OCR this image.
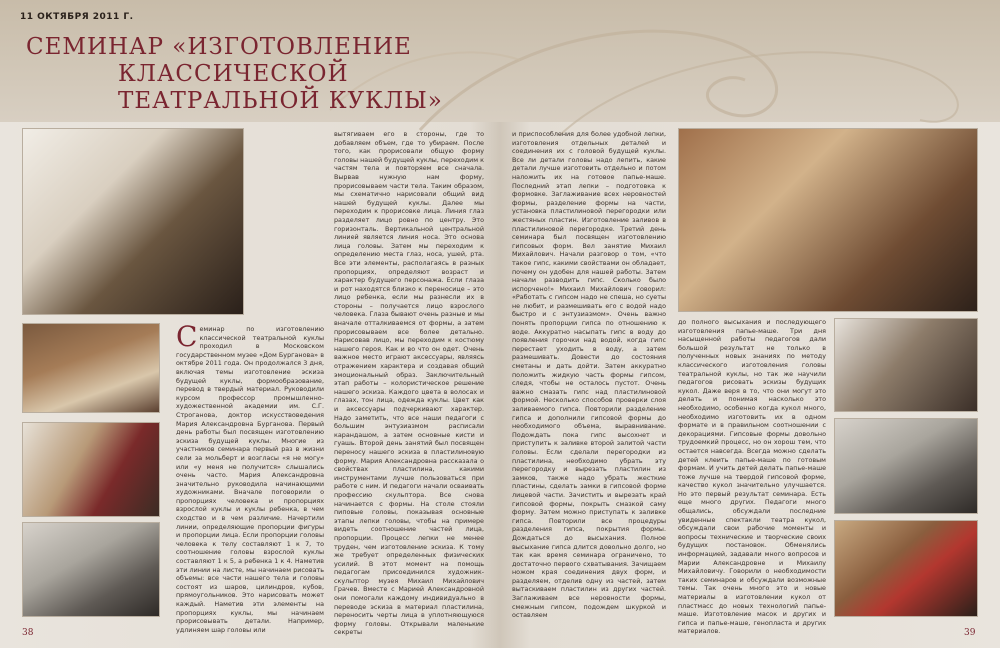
11 ОКТЯБРЯ 2011 Г.
СЕМИНАР «ИЗГОТОВЛЕНИЕ
КЛАССИЧЕСКОЙ
ТЕАТРАЛЬНОЙ КУКЛЫ»
Семинар по изготовлению классической театральной куклы проходил в Московском государственном музее «Дом Бурганова» в октябре 2011 года. Он продолжался 3 дня, включая темы изготовление эскиза будущей куклы, формообразование, перевод в твердый материал. Руководили курсом профессор промышленно-художественной академии им. С.Г. Строганова, доктор искусствоведения Мария Александровна Бурганова. Первый день работы был посвящен изготовлению эскиза будущей куклы. Многие из участников семинара первый раз в жизни сели за мольберт и возгласы «я не могу» или «у меня не получится» слышались очень часто. Мария Александровна значительно руководила начинающими художниками. Вначале поговорили о пропорциях человека и пропорциях взрослой куклы и куклы ребенка, в чем сходство и в чем различие. Начертили линии, определяющие пропорции фигуры и пропорции лица. Если пропорции головы человека к телу составляют 1 к 7, то соотношение головы взрослой куклы составляют 1 к 5, а ребенка 1 к 4. Наметив эти линии на листе, мы начинаем рисовать объемы: все части нашего тела и головы состоят из шаров, цилиндров, кубов, прямоугольников. Это нарисовать может каждый. Наметив эти элементы на пропорциях куклы, мы начинаем прорисовывать детали. Например, удлиняем шар головы или
вытягиваем его в стороны, где то добавляем объем, где то убираем. После того, как прорисовали общую форму головы нашей будущей куклы, переходим к частям тела и повторяем все сначала. Вырвав нужную нам форму, прорисовываем части тела. Таким образом, мы схематично нарисовали общий вид нашей будущей куклы. Далее мы переходим к прорисовке лица. Линия глаз разделяет лицо ровно по центру. Это горизонталь. Вертикальной центральной линией является линия носа. Это основа лица головы. Затем мы переходим к определению места глаз, носа, ушей, рта. Все эти элементы, располагаясь в разных пропорциях, определяют возраст и характер будущего персонажа. Если глаза и рот находятся близко к переносице – это лицо ребенка, если мы разнесли их в стороны – получается лицо взрослого человека. Глаза бывают очень разные и мы вначале отталкиваемся от формы, а затем прорисовываем все более детально. Нарисовав лицо, мы переходим к костюму нашего героя. Как и во что он одет. Очень важное место играют аксессуары, являясь отражением характера и создавая общий эмоциональный образ. Заключительный этап работы – колористическое решение нашего эскиза. Каждого цвета в волосах и глазах, тон лица, одежда куклы. Цвет как и аксессуары подчеркивают характер. Надо заметить, что все наши педагоги с большим энтузиазмом расписали карандашом, а затем основные кисти и гуашь. Второй день занятий был посвящен переносу нашего эскиза в пластилиновую форму. Мария Александровна рассказала о свойствах пластилина, какими инструментами лучше пользоваться при работе с ним. И педагоги начали осваивать профессию скульптора. Все снова начинается с формы. На столе стояли пиповые головы, показывая основные этапы лепки головы, чтобы на примере видеть соотношение частей лица, пропорции. Процесс лепки не менее труден, чем изготовление эскиза. К тому же требует определенных физических усилий. В этот момент на помощь педагогам присоединился художник-скульптор музея Михаил Михайлович Грачев. Вместе с Марией Александровной они помогали каждому индивидуально в переводе эскиза в материал пластилина, переносить черты лица в уплотняющуюся форму головы. Открывали маленькие секреты
и приспособления для более удобной лепки, изготовления отдельных деталей и соединения их с головой будущей куклы. Все ли детали головы надо лепить, какие детали лучше изготовить отдельно и потом наложить их на готовое папье-маше. Последний этап лепки – подготовка к формовке. Заглаживание всех неровностей формы, разделение формы на части, установка пластилиновой перегородки или жестяных пластин. Изготовление заливов в пластилиновой перегородке. Третий день семинара был посвящен изготовлению гипсовых форм. Вел занятие Михаил Михайлович. Начали разговор о том, «что такое гипс, какими свойствами он обладает, почему он удобен для нашей работы. Затем начали разводить гипс. Сколько было испорчено!» Михаил Михайлович говорил: «Работать с гипсом надо не спеша, но суеты не любит, и размешивать его с водой надо быстро и с энтузиазмом». Очень важно понять пропорции гипса по отношению к воде. Аккуратно насыпать гипс в воду до появления горочки над водой, когда гипс перестает уходить в воду, а затем размешивать. Довести до состояния сметаны и дать дойти. Затем аккуратно положить жидкую часть формы гипсом, следя, чтобы не осталось пустот. Очень важно смазать гипс над пластилиновой формой. Несколько способов проверки слоя заливаемого гипса. Повторили разделение гипса и дополнили гипсовой формы до необходимого объема, выравнивание. Подождать пока гипс высохнет и приступить к заливке второй залитой части головы. Если сделали перегородки из пластилина, необходимо убрать эту перегородку и вырезать пластилин из замков, также надо убрать жесткие пластины, сделать замки в гипсовой форме лицевой части. Зачистить и вырезать край гипсовой формы, покрыть смазкой саму форму. Затем можно приступать к заливке гипса. Повторили все процедуры разделения гипса, покрытия формы. Дождаться до высыхания. Полное высыхание гипса длится довольно долго, но так как время семинара ограничено, то достаточно первого схватывания. Зачищаем ножом края соединения двух форм, и разделяем, отделив одну из частей, затем вытаскиваем пластилин из других частей. Заглаживаем все неровности формы, смежным гипсом, подождем шкуркой и оставляем
до полного высыхания и последующего изготовления папье-маше. Три дня насыщенной работы педагогов дали большой результат не только в полученных новых знаниях по методу классического изготовления головы театральной куклы, но так же научили педагогов рисовать эскизы будущих кукол. Даже веря в то, что они могут это делать и понимая насколько это необходимо, особенно когда кукол много, необходимо изготовить их в одном формате и в правильном соотношении с декорациями. Гипсовые формы довольно трудоемкий процесс, но он хорош тем, что остается навсегда. Всегда можно сделать детей клеить папье-маше по готовым формам. И учить детей делать папье-маше тоже лучше на твердой гипсовой форме, качество кукол значительно улучшается. Но это первый результат семинара. Есть еще много других. Педагоги много общались, обсуждали последние увиденные спектакли театра кукол, обсуждали свои рабочие моменты и вопросы технические и творческие своих будущих постановок. Обменялись информацией, задавали много вопросов и Марии Александровне и Михаилу Михайловичу. Говорили о необходимости таких семинаров и обсуждали возможные темы. Так очень много это и новые материалы в изготовлении кукол от пластмасс до новых технологий папье-маше. Изготовление масок и других и гипса и папье-маше, генопласта и других материалов.
38	39
